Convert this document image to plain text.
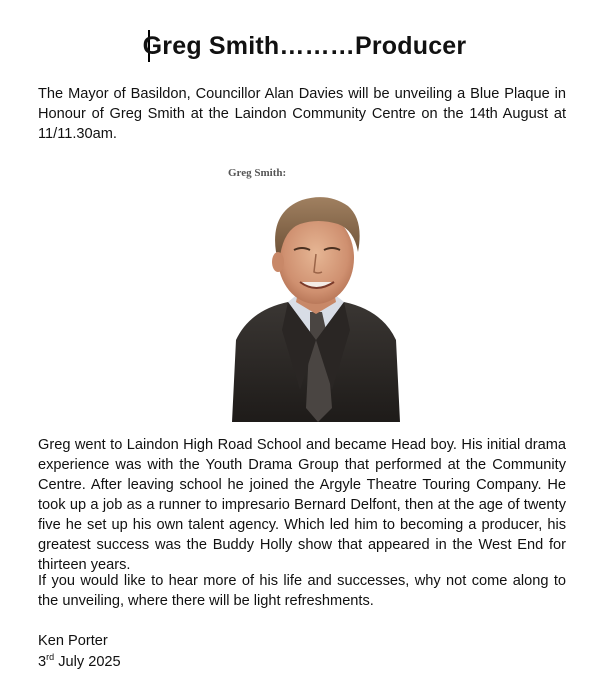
Greg Smith………Producer

The Mayor of Basildon, Councillor Alan Davies will be unveiling a Blue Plaque in Honour of Greg Smith at the Laindon Community Centre on the 14th August at 11/11.30am.

Greg Smith:

Greg went to Laindon High Road School and became Head boy. His initial drama experience was with the Youth Drama Group that performed at the Community Centre. After leaving school he joined the Argyle Theatre Touring Company. He took up a job as a runner to impresario Bernard Delfont, then at the age of twenty five he set up his own talent agency. Which led him to becoming a producer, his greatest success was the Buddy Holly show that appeared in the West End for thirteen years.

If you would like to hear more of his life and successes, why not come along to the unveiling, where there will be light refreshments.

Ken Porter
3rd July 2025
